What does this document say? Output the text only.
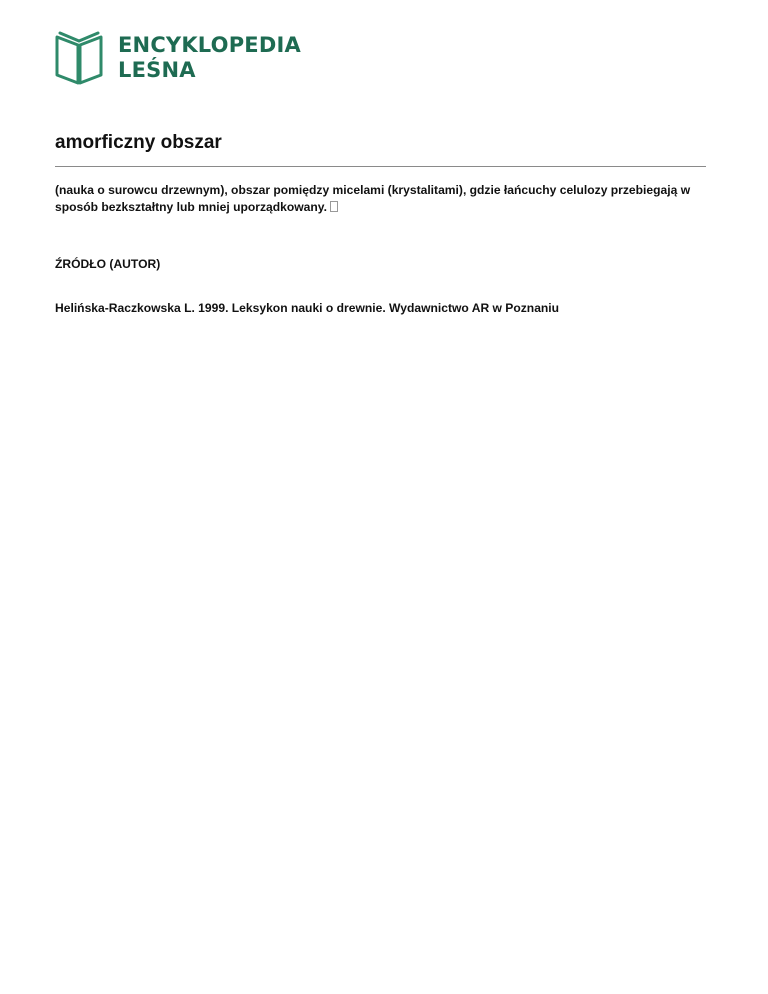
ENCYKLOPEDIA
LEŚNA
amorficzny obszar

(nauka o surowcu drzewnym), obszar pomiędzy micelami (krystalitami), gdzie łańcuchy celulozy przebiegają w sposób bezkształtny lub mniej uporządkowany.

ŹRÓDŁO (AUTOR)

Helińska-Raczkowska L. 1999. Leksykon nauki o drewnie. Wydawnictwo AR w Poznaniu
